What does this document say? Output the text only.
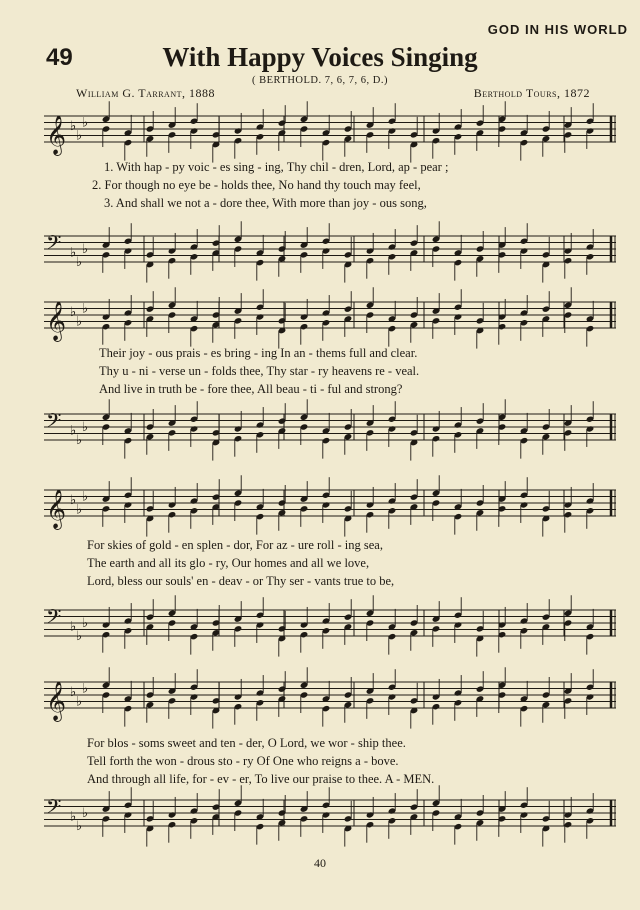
GOD IN HIS WORLD
49	With Happy Voices Singing
( BERTHOLD. 7, 6, 7, 6, D.)
William G. Tarrant, 1888	Berthold Tours, 1872
𝄞 ♭
♭
♭
1. With hap - py voic - es sing - ing, Thy chil - dren, Lord, ap - pear ;
2. For though no eye be - holds thee, No hand thy touch may feel,
3. And shall we not a - dore thee, With more than joy - ous song,
𝄢 ♭
♭
♭
𝄞 ♭
♭
♭
Their joy - ous prais - es bring - ing In an - thems full and clear.
Thy u - ni - verse un - folds thee, Thy star - ry heavens re - veal.
And live in truth be - fore thee, All beau - ti - ful and strong?
𝄢 ♭
♭
♭
𝄞 ♭
♭
♭
For skies of gold - en splen - dor, For az - ure roll - ing sea,
The earth and all its glo - ry, Our homes and all we love,
Lord, bless our souls' en - deav - or Thy ser - vants true to be,
𝄢 ♭
♭
♭
𝄞 ♭
♭
♭
For blos - soms sweet and ten - der, O Lord, we wor - ship thee.
Tell forth the won - drous sto - ry Of One who reigns a - bove.
And through all life, for - ev - er, To live our praise to thee. A - MEN.
𝄢 ♭
♭
♭
40
